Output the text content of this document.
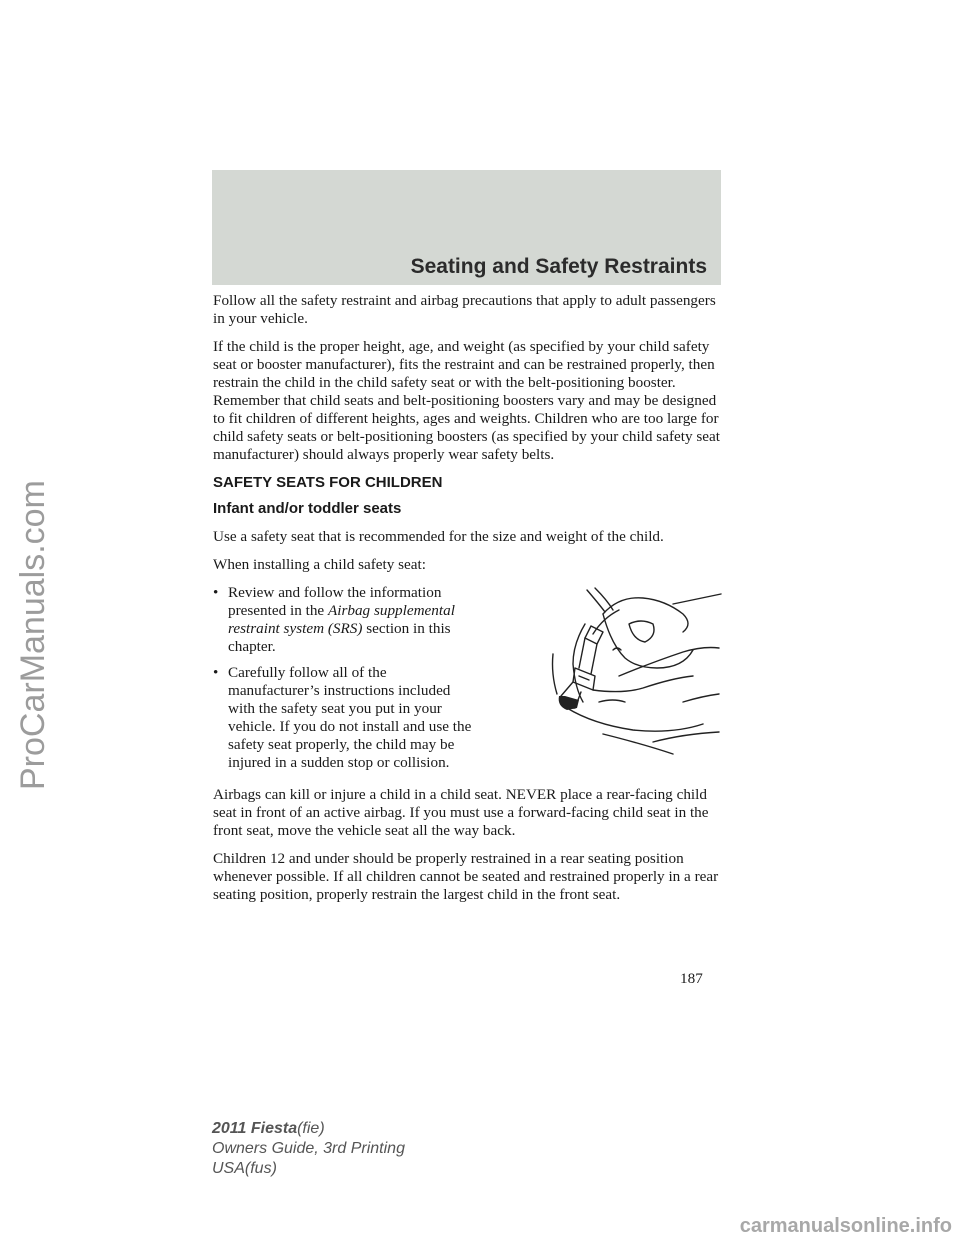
ProCarManuals.com
Seating and Safety Restraints

Follow all the safety restraint and airbag precautions that apply to adult passengers in your vehicle.

If the child is the proper height, age, and weight (as specified by your child safety seat or booster manufacturer), fits the restraint and can be restrained properly, then restrain the child in the child safety seat or with the belt-positioning booster. Remember that child seats and belt-positioning boosters vary and may be designed to fit children of different heights, ages and weights. Children who are too large for child safety seats or belt-positioning boosters (as specified by your child safety seat manufacturer) should always properly wear safety belts.

SAFETY SEATS FOR CHILDREN
Infant and/or toddler seats

Use a safety seat that is recommended for the size and weight of the child.

When installing a child safety seat:

• Review and follow the information presented in the Airbag supplemental restraint system (SRS) section in this chapter.
• Carefully follow all of the manufacturer’s instructions included with the safety seat you put in your vehicle. If you do not install and use the safety seat properly, the child may be injured in a sudden stop or collision.

Airbags can kill or injure a child in a child seat. NEVER place a rear-facing child seat in front of an active airbag. If you must use a forward-facing child seat in the front seat, move the vehicle seat all the way back.

Children 12 and under should be properly restrained in a rear seating position whenever possible. If all children cannot be seated and restrained properly in a rear seating position, properly restrain the largest child in the front seat.

187
2011 Fiesta(fie)
Owners Guide, 3rd Printing
USA(fus)
carmanualsonline.info
